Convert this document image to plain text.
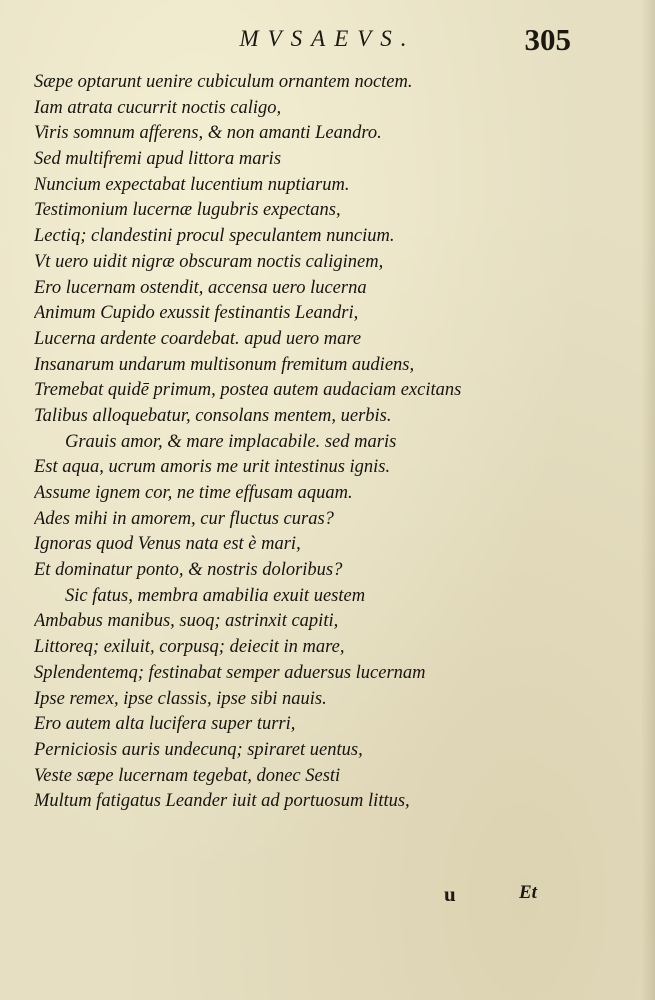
MVSAEVS.	305
Sæpe optarunt uenire cubiculum ornantem noctem.
Iam atrata cucurrit noctis caligo,
Viris somnum afferens, & non amanti Leandro.
Sed multifremi apud littora maris
Nuncium expectabat lucentium nuptiarum.
Testimonium lucernæ lugubris expectans,
Lectiq; clandestini procul speculantem nuncium.
Vt uero uidit nigræ obscuram noctis caliginem,
Ero lucernam ostendit, accensa uero lucerna
Animum Cupido exussit festinantis Leandri,
Lucerna ardente coardebat. apud uero mare
Insanarum undarum multisonum fremitum audiens,
Tremebat quidē primum, postea autem audaciam excitans
Talibus alloquebatur, consolans mentem, uerbis.
Grauis amor, & mare implacabile. sed maris
Est aqua, ucrum amoris me urit intestinus ignis.
Assume ignem cor, ne time effusam aquam.
Ades mihi in amorem, cur fluctus curas?
Ignoras quod Venus nata est è mari,
Et dominatur ponto, & nostris doloribus?
Sic fatus, membra amabilia exuit uestem
Ambabus manibus, suoq; astrinxit capiti,
Littoreq; exiluit, corpusq; deiecit in mare,
Splendentemq; festinabat semper aduersus lucernam
Ipse remex, ipse classis, ipse sibi nauis.
Ero autem alta lucifera super turri,
Perniciosis auris undecunq; spiraret uentus,
Veste sæpe lucernam tegebat, donec Sesti
Multum fatigatus Leander iuit ad portuosum littus,
u	Et
